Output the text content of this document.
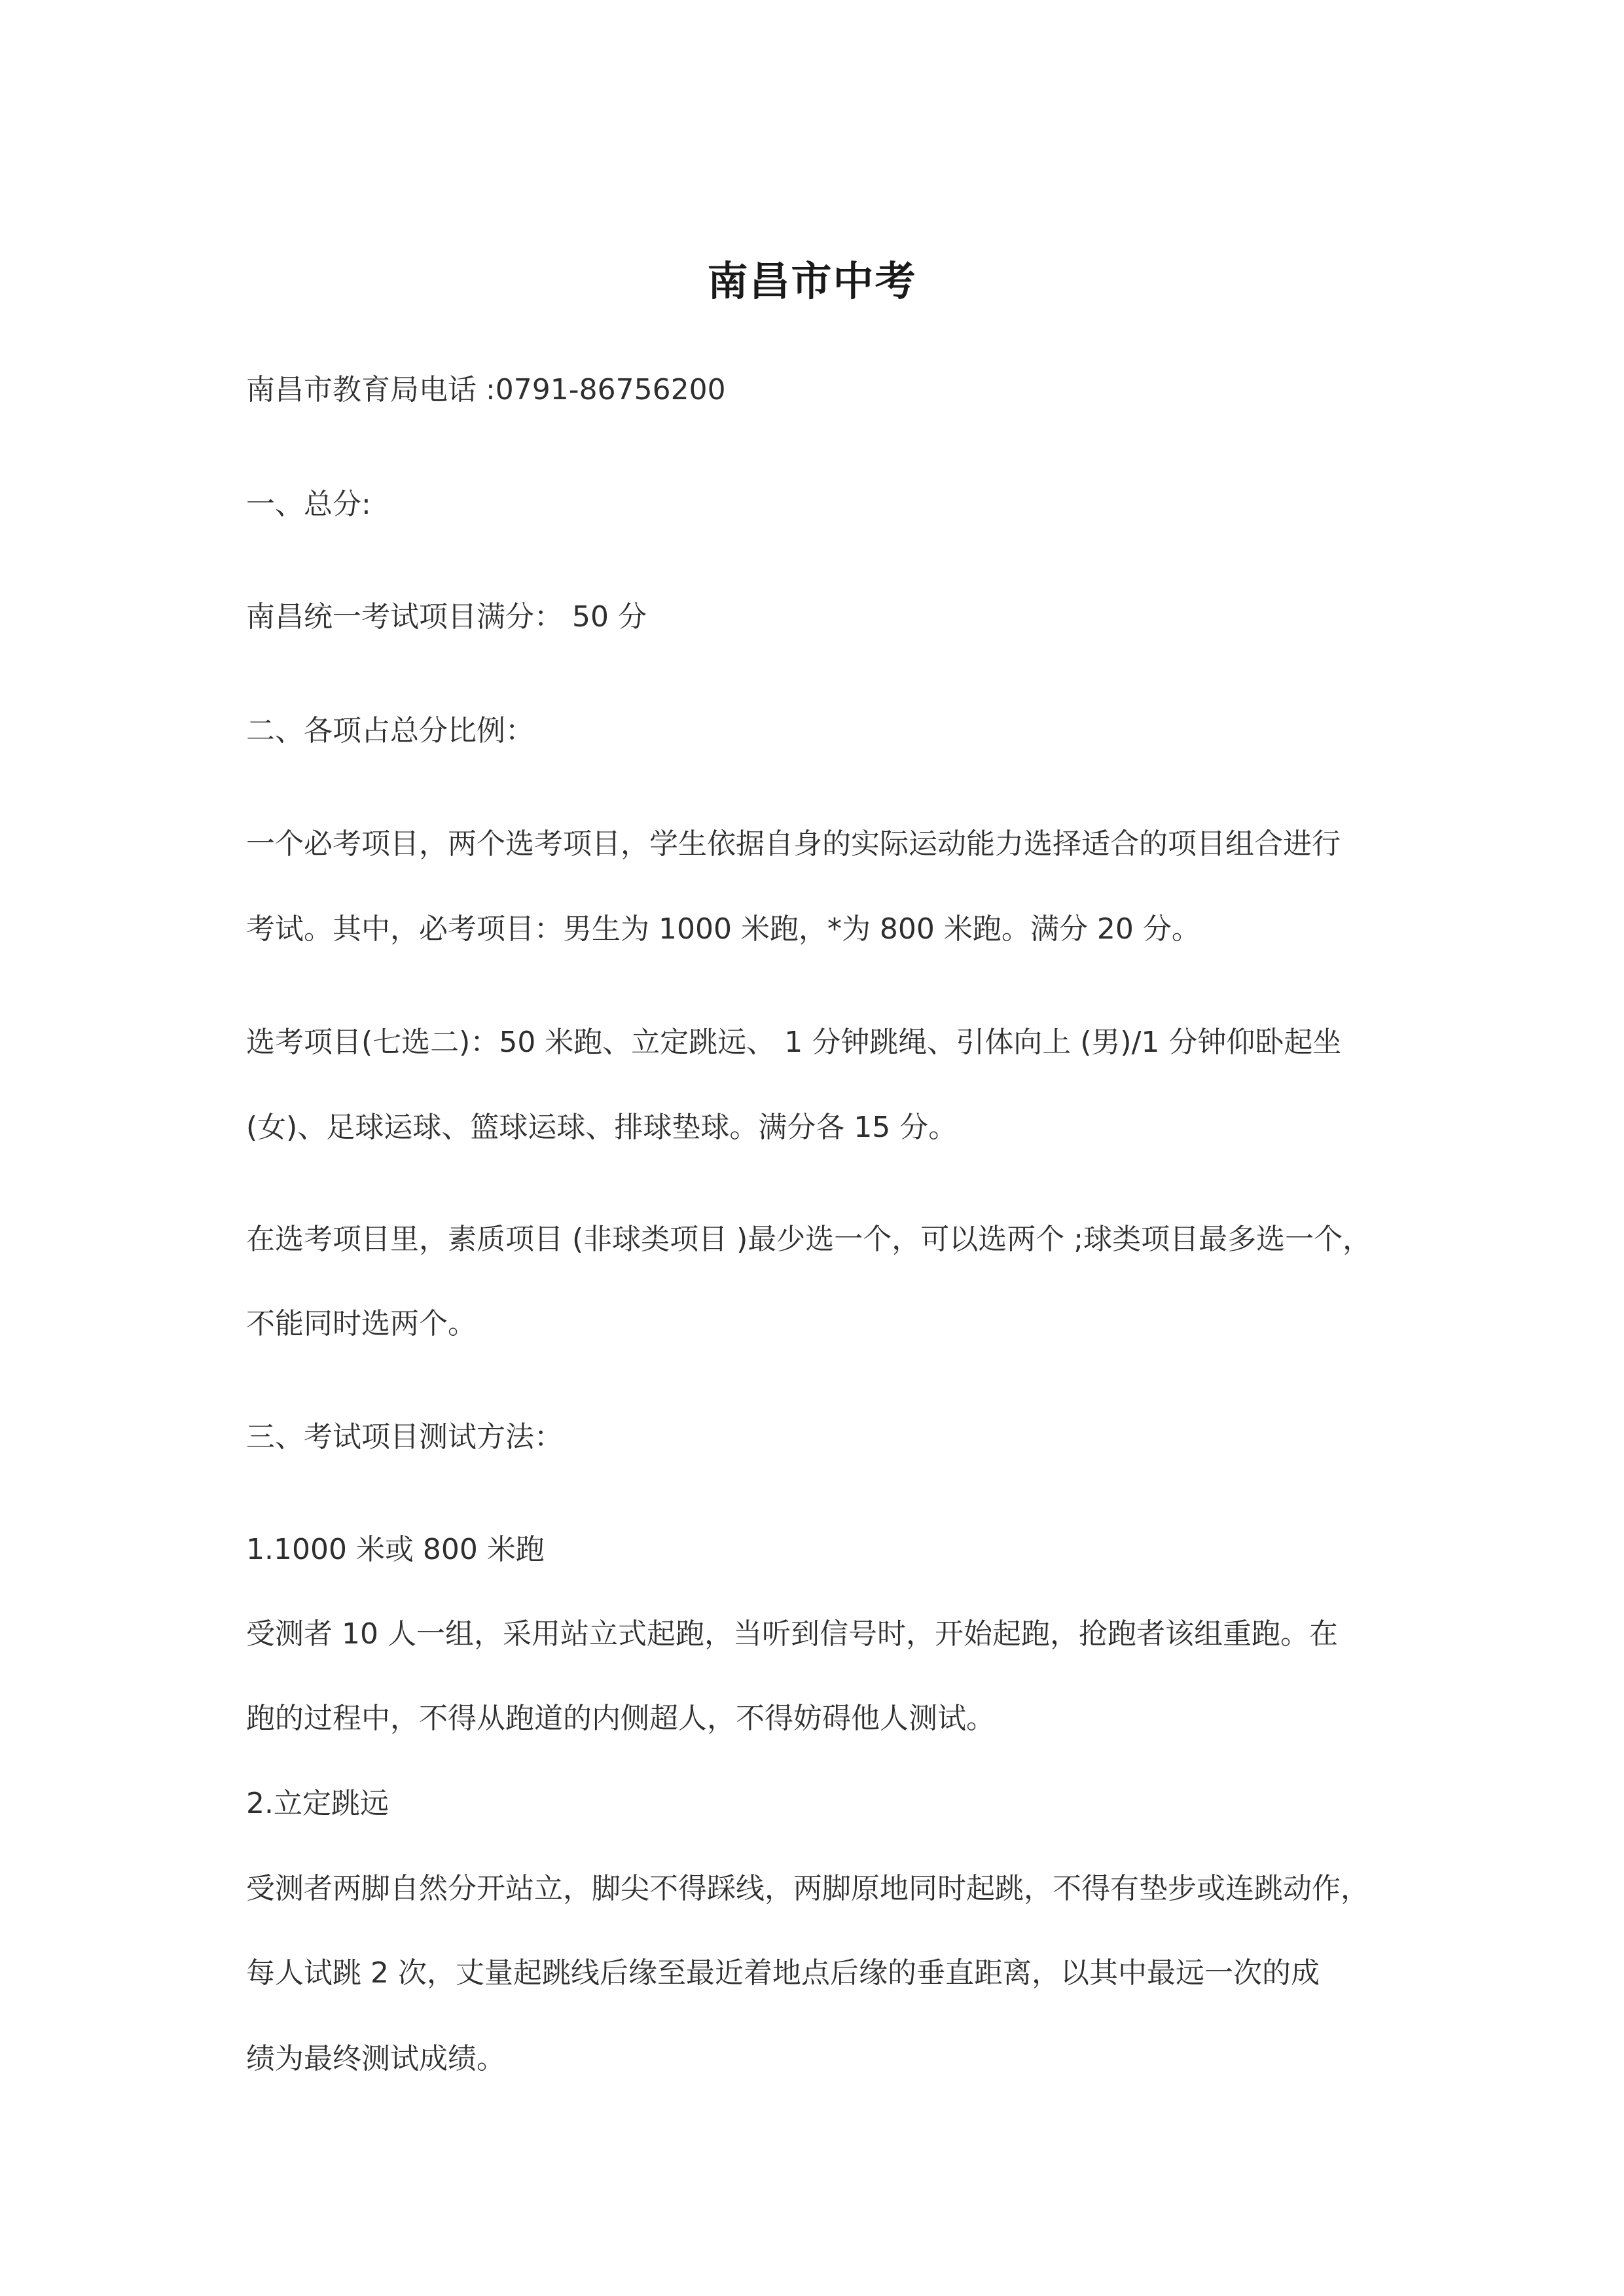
南昌市中考
南昌市教育局电话 :0791-86756200
一、总分:
南昌统一考试项目满分： 50 分
二、各项占总分比例：
一个必考项目，两个选考项目，学生依据自身的实际运动能力选择适合的项目组合进行
考试。其中，必考项目：男生为 1000 米跑，*为 800 米跑。满分 20 分。
选考项目(七选二)：50 米跑、立定跳远、 1 分钟跳绳、引体向上 (男)/1 分钟仰卧起坐
(女)、足球运球、篮球运球、排球垫球。满分各 15 分。
在选考项目里，素质项目 (非球类项目 )最少选一个，可以选两个 ;球类项目最多选一个，
不能同时选两个。
三、考试项目测试方法：
1.1000 米或 800 米跑
受测者 10 人一组，采用站立式起跑，当听到信号时，开始起跑，抢跑者该组重跑。在
跑的过程中，不得从跑道的内侧超人，不得妨碍他人测试。
2.立定跳远
受测者两脚自然分开站立，脚尖不得踩线，两脚原地同时起跳，不得有垫步或连跳动作，
每人试跳 2 次，丈量起跳线后缘至最近着地点后缘的垂直距离，以其中最远一次的成
绩为最终测试成绩。
